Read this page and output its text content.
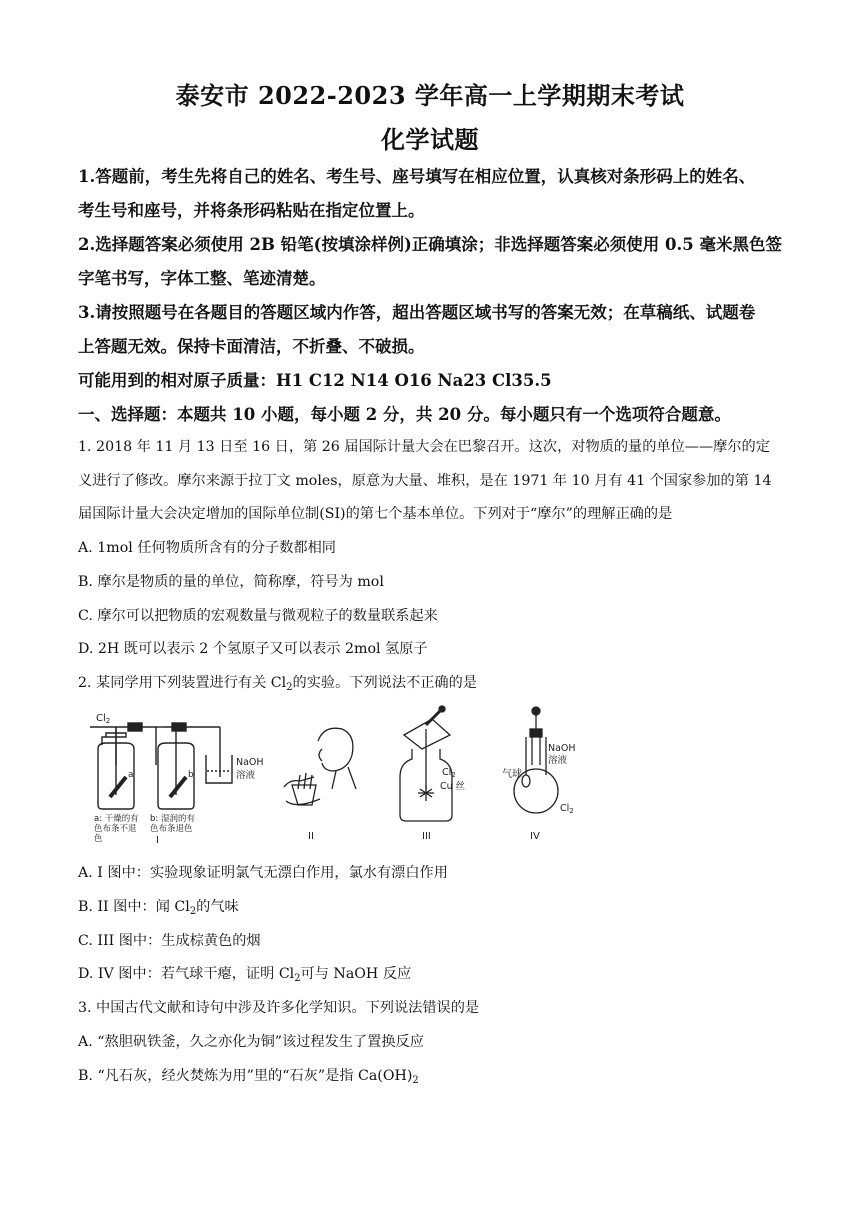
泰安市 2022-2023 学年高一上学期期末考试
化学试题
1.答题前，考生先将自己的姓名、考生号、座号填写在相应位置，认真核对条形码上的姓名、
考生号和座号，并将条形码粘贴在指定位置上。
2.选择题答案必须使用 2B 铅笔(按填涂样例)正确填涂；非选择题答案必须使用 0.5 毫米黑色签
字笔书写，字体工整、笔迹清楚。
3.请按照题号在各题目的答题区域内作答，超出答题区域书写的答案无效；在草稿纸、试题卷
上答题无效。保持卡面清洁，不折叠、不破损。
可能用到的相对原子质量：H1 C12 N14 O16 Na23 Cl35.5
一、选择题：本题共 10 小题，每小题 2 分，共 20 分。每小题只有一个选项符合题意。
1. 2018 年 11 月 13 日至 16 日，第 26 届国际计量大会在巴黎召开。这次，对物质的量的单位——摩尔的定
义进行了修改。摩尔来源于拉丁文 moles，原意为大量、堆积，是在 1971 年 10 月有 41 个国家参加的第 14
届国际计量大会决定增加的国际单位制(SI)的第七个基本单位。下列对于“摩尔”的理解正确的是
A. 1mol 任何物质所含有的分子数都相同
B. 摩尔是物质的量的单位，简称摩，符号为 mol
C. 摩尔可以把物质的宏观数量与微观粒子的数量联系起来
D. 2H 既可以表示 2 个氢原子又可以表示 2mol 氢原子
2. 某同学用下列装置进行有关 $Cl_2$的实验。下列说法不正确的是
$Cl_2$
a	b
NaOH
溶液
a: 干燥的有
色布条不退
色
b: 湿润的有
色布条退色
I	II
$Cl_2$
Cu 丝
III
气球
NaOH
溶液
$Cl_2$
IV
A. I 图中：实验现象证明氯气无漂白作用，氯水有漂白作用
B. II 图中：闻 $Cl_2$的气味
C. III 图中：生成棕黄色的烟
D. IV 图中：若气球干瘪，证明 $Cl_2$可与 NaOH 反应
3. 中国古代文献和诗句中涉及许多化学知识。下列说法错误的是
A. “熬胆矾铁釜，久之亦化为铜”该过程发生了置换反应
B. “凡石灰，经火焚炼为用”里的“石灰”是指 $Ca(OH)_2$
